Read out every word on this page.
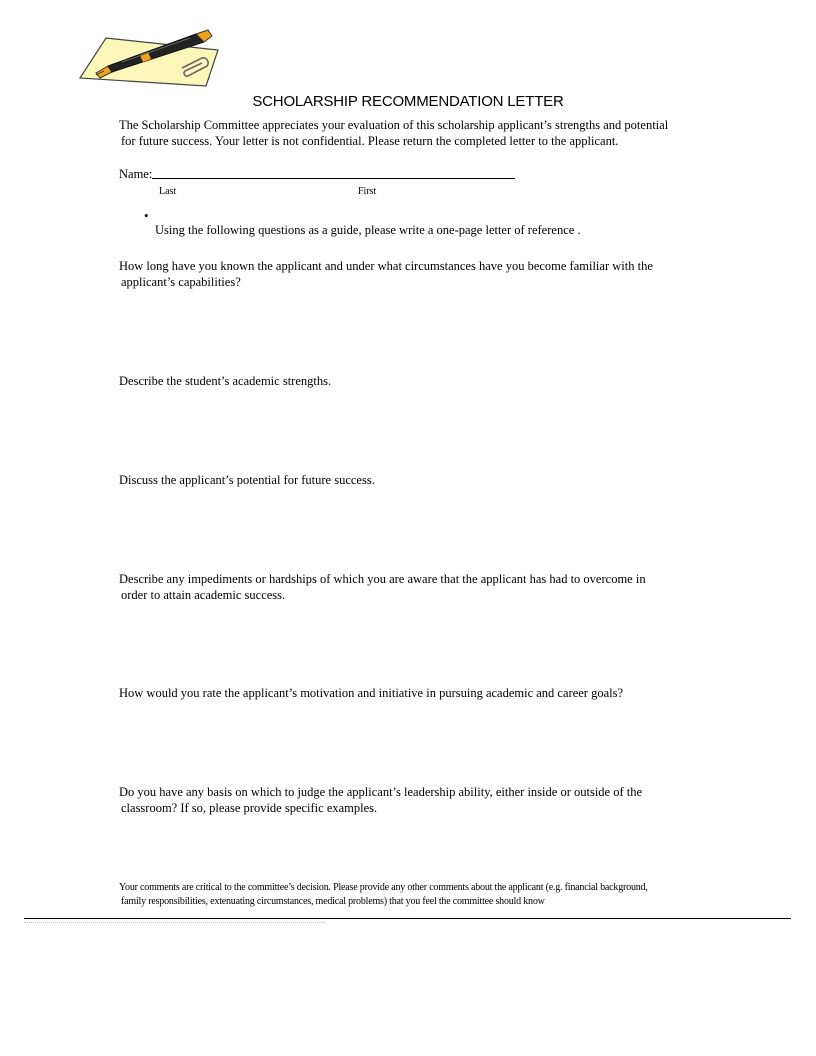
SCHOLARSHIP RECOMMENDATION LETTER
The Scholarship Committee appreciates your evaluation of this scholarship applicant’s strengths and potential
for future success. Your letter is not confidential. Please return the completed letter to the applicant.
Name:
Last	First
•
Using the following questions as a guide, please write a one-page letter of reference .
How long have you known the applicant and under what circumstances have you become familiar with the
applicant’s capabilities?
Describe the student’s academic strengths.
Discuss the applicant’s potential for future success.
Describe any impediments or hardships of which you are aware that the applicant has had to overcome in
order to attain academic success.
How would you rate the applicant’s motivation and initiative in pursuing academic and career goals?
Do you have any basis on which to judge the applicant’s leadership ability, either inside or outside of the
classroom? If so, please provide specific examples.
Your comments are critical to the committee’s decision. Please provide any other comments about the applicant (e.g. financial background,
family responsibilities, extenuating circumstances, medical problems) that you feel the committee should know
